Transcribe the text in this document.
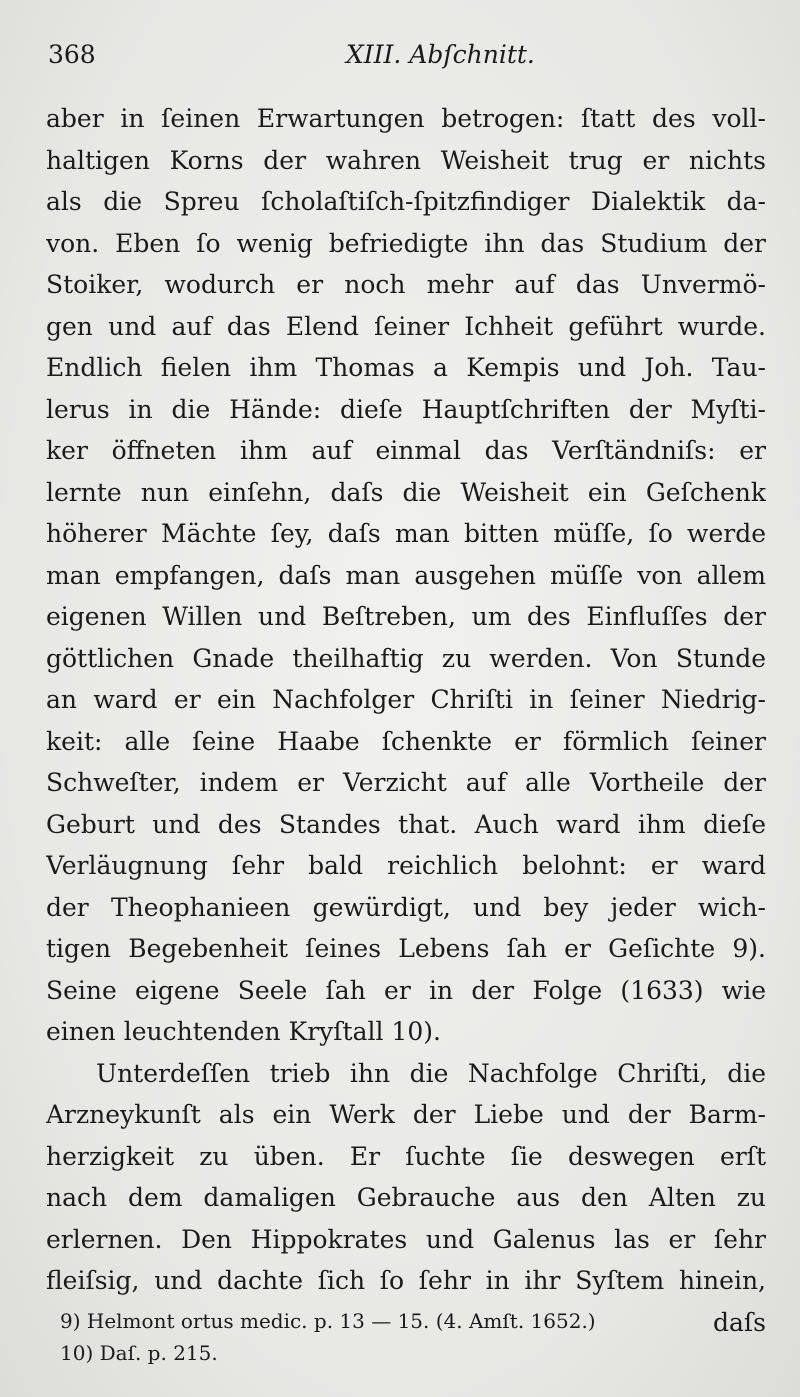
368	XIII. Abſchnitt.
aber in ſeinen Erwartungen betrogen: ſtatt des voll-
haltigen Korns der wahren Weisheit trug er nichts
als die Spreu ſcholaſtiſch-ſpitzfindiger Dialektik da-
von. Eben ſo wenig befriedigte ihn das Studium der
Stoiker, wodurch er noch mehr auf das Unvermö-
gen und auf das Elend ſeiner Ichheit geführt wurde.
Endlich fielen ihm Thomas a Kempis und Joh. Tau-
lerus in die Hände: dieſe Hauptſchriften der Myſti-
ker öffneten ihm auf einmal das Verſtändniſs: er
lernte nun einſehn, daſs die Weisheit ein Geſchenk
höherer Mächte ſey, daſs man bitten müſſe, ſo werde
man empfangen, daſs man ausgehen müſſe von allem
eigenen Willen und Beſtreben, um des Einfluſſes der
göttlichen Gnade theilhaftig zu werden. Von Stunde
an ward er ein Nachfolger Chriſti in ſeiner Niedrig-
keit: alle ſeine Haabe ſchenkte er förmlich ſeiner
Schweſter, indem er Verzicht auf alle Vortheile der
Geburt und des Standes that. Auch ward ihm dieſe
Verläugnung ſehr bald reichlich belohnt: er ward
der Theophanieen gewürdigt, und bey jeder wich-
tigen Begebenheit ſeines Lebens ſah er Geſichte 9).
Seine eigene Seele ſah er in der Folge (1633) wie
einen leuchtenden Kryſtall 10).
Unterdeſſen trieb ihn die Nachfolge Chriſti, die
Arzneykunſt als ein Werk der Liebe und der Barm-
herzigkeit zu üben. Er ſuchte ſie deswegen erſt
nach dem damaligen Gebrauche aus den Alten zu
erlernen. Den Hippokrates und Galenus las er ſehr
fleiſsig, und dachte ſich ſo ſehr in ihr Syſtem hinein,
daſs
9) Helmont ortus medic. p. 13 — 15. (4. Amſt. 1652.)
10) Daſ. p. 215.
